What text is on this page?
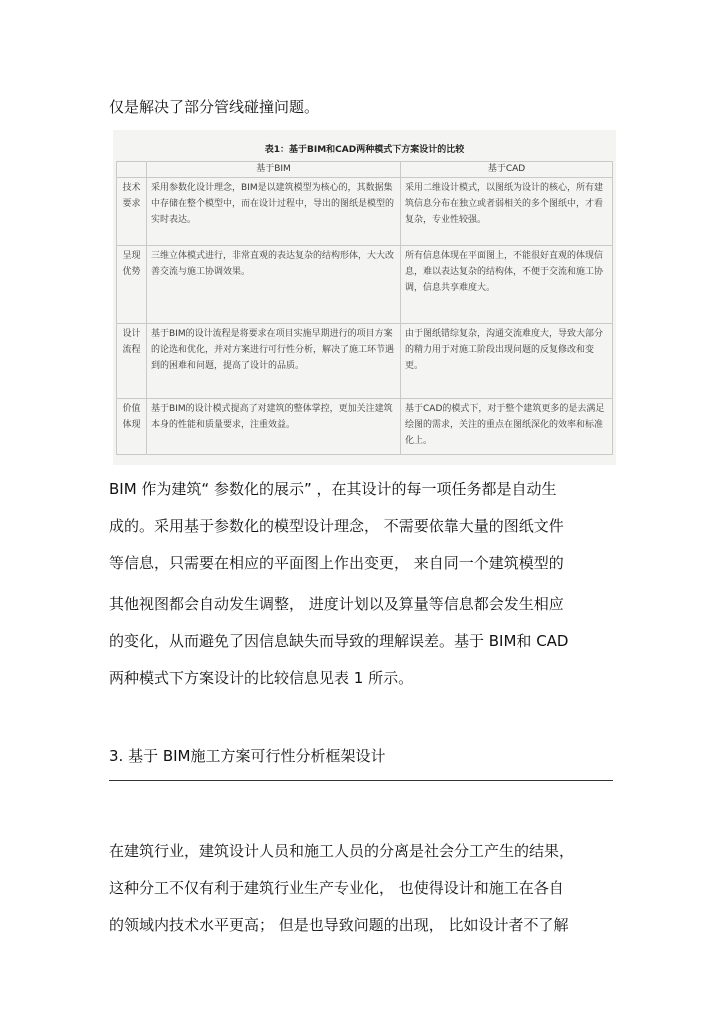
仅是解决了部分管线碰撞问题。

表1：基于BIM和CAD两种模式下方案设计的比较
	基于BIM	基于CAD
技术要求	采用参数化设计理念，BIM是以建筑模型为核心的，其数据集中存储在整个模型中，而在设计过程中，导出的图纸是模型的实时表达。	采用二维设计模式，以图纸为设计的核心，所有建筑信息分布在独立或者弱相关的多个图纸中，才看复杂，专业性较强。
呈现优势	三维立体模式进行，非常直观的表达复杂的结构形体，大大改善交流与施工协调效果。	所有信息体现在平面图上，不能很好直观的体现信息，难以表达复杂的结构体，不便于交流和施工协调，信息共享难度大。
设计流程	基于BIM的设计流程是将要求在项目实施早期进行的项目方案的论选和优化，并对方案进行可行性分析，解决了施工环节遇到的困难和问题，提高了设计的品质。	由于图纸错综复杂，沟通交流难度大，导致大部分的精力用于对施工阶段出现问题的反复修改和变更。
价值体现	基于BIM的设计模式提高了对建筑的整体掌控，更加关注建筑本身的性能和质量要求，注重效益。	基于CAD的模式下，对于整个建筑更多的是去满足绘图的需求，关注的重点在图纸深化的效率和标准化上。

BIM 作为建筑“ 参数化的展示” ，在其设计的每一项任务都是自动生

成的。采用基于参数化的模型设计理念， 不需要依靠大量的图纸文件

等信息，只需要在相应的平面图上作出变更， 来自同一个建筑模型的

其他视图都会自动发生调整， 进度计划以及算量等信息都会发生相应

的变化，从而避免了因信息缺失而导致的理解误差。基于 BIM和 CAD

两种模式下方案设计的比较信息见表 1 所示。

3. 基于 BIM施工方案可行性分析框架设计

在建筑行业，建筑设计人员和施工人员的分离是社会分工产生的结果，

这种分工不仅有利于建筑行业生产专业化， 也使得设计和施工在各自

的领域内技术水平更高； 但是也导致问题的出现， 比如设计者不了解
